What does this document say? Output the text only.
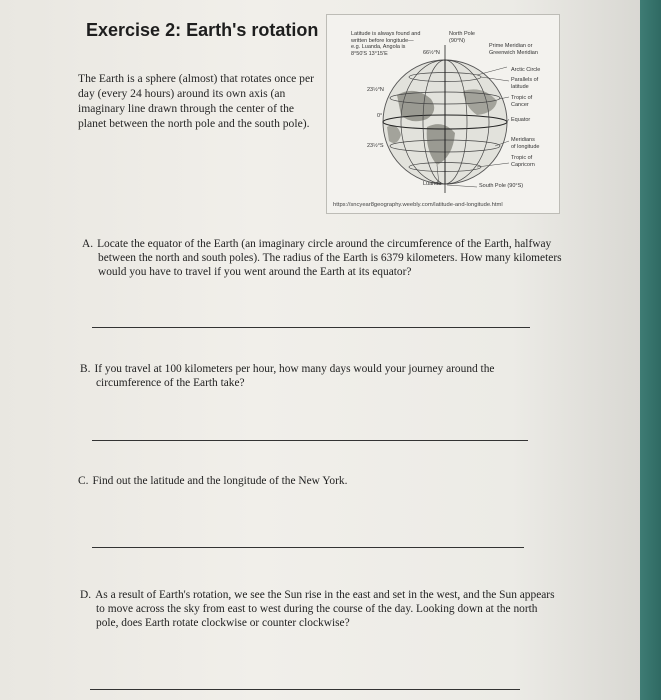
Exercise 2: Earth's rotation

The Earth is a sphere (almost) that rotates once per day (every 24 hours) around its own axis (an imaginary line drawn through the center of the planet between the north pole and the south pole).

Latitude is always found and
written before longitude—
e.g. Luanda, Angola is
8°50'S 13°15'E

North Pole
(90°N)

66½°N

Prime Meridian or
Greenwich Meridian

Arctic Circle

Parallels of
latitude

23½°N

Tropic of
Cancer

0°

Equator

23½°S

Meridians
of longitude

Tropic of
Capricorn

Luanda	South Pole (90°S)

https://sncyear8geography.weebly.com/latitude-and-longitude.html

A. Locate the equator of the Earth (an imaginary circle around the circumference of the Earth, halfway between the north and south poles). The radius of the Earth is 6379 kilometers. How many kilometers would you have to travel if you went around the Earth at its equator?

B. If you travel at 100 kilometers per hour, how many days would your journey around the circumference of the Earth take?

C. Find out the latitude and the longitude of the New York.

D. As a result of Earth's rotation, we see the Sun rise in the east and set in the west, and the Sun appears to move across the sky from east to west during the course of the day. Looking down at the north pole, does Earth rotate clockwise or counter clockwise?
